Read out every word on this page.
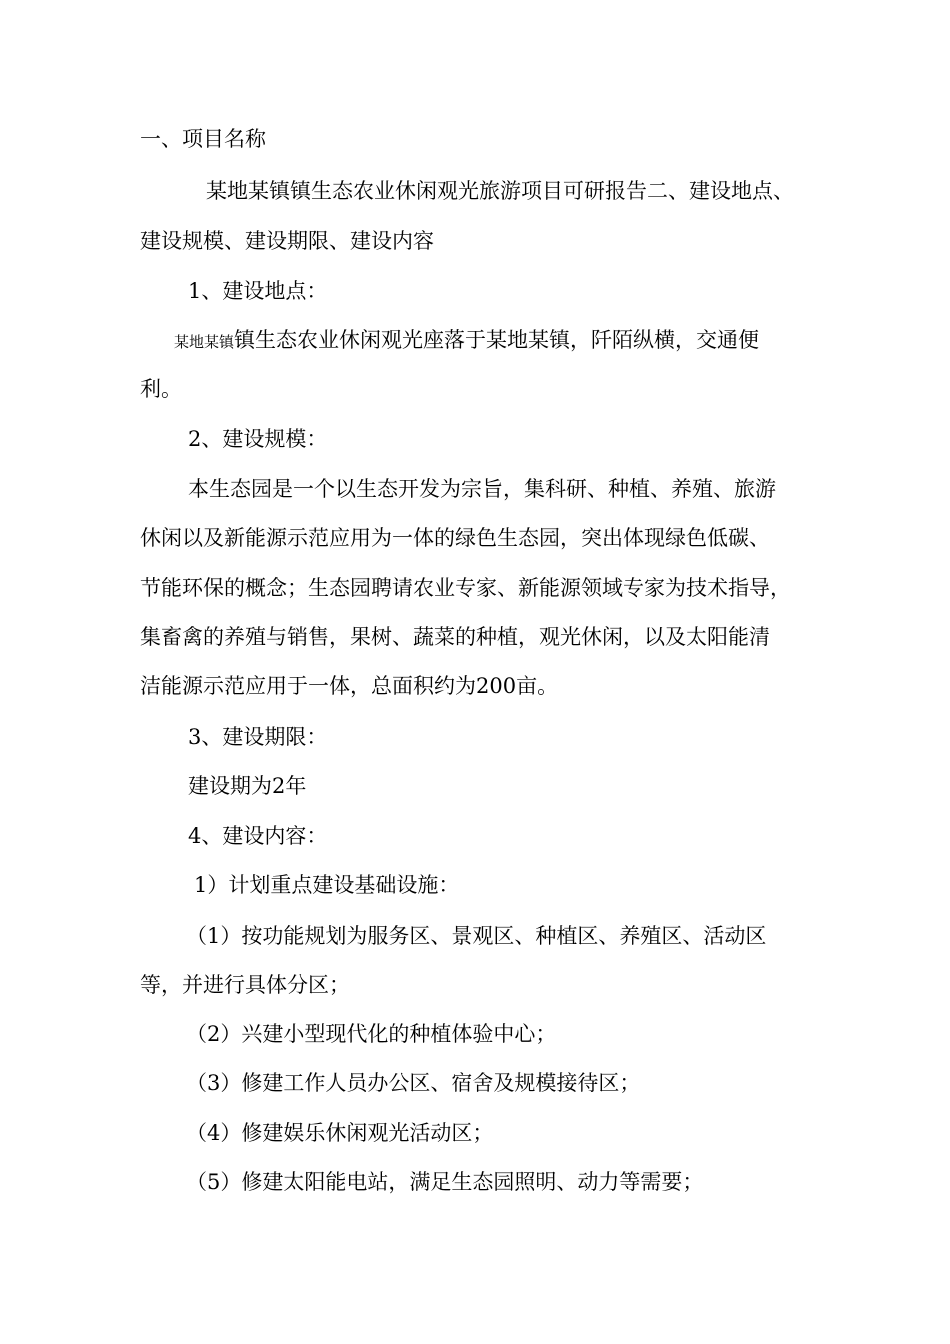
一、项目名称
某地某镇镇生态农业休闲观光旅游项目可研报告二、建设地点、
建设规模、建设期限、建设内容
1、建设地点：
某地某镇镇生态农业休闲观光座落于某地某镇，阡陌纵横，交通便
利。
2、建设规模：
本生态园是一个以生态开发为宗旨，集科研、种植、养殖、旅游
休闲以及新能源示范应用为一体的绿色生态园，突出体现绿色低碳、
节能环保的概念；生态园聘请农业专家、新能源领域专家为技术指导，
集畜禽的养殖与销售，果树、蔬菜的种植，观光休闲，以及太阳能清
洁能源示范应用于一体，总面积约为200亩。
3、建设期限：
建设期为2年
4、建设内容：
1）计划重点建设基础设施：
（1）按功能规划为服务区、景观区、种植区、养殖区、活动区
等，并进行具体分区；
（2）兴建小型现代化的种植体验中心；
（3）修建工作人员办公区、宿舍及规模接待区；
（4）修建娱乐休闲观光活动区；
（5）修建太阳能电站，满足生态园照明、动力等需要；
